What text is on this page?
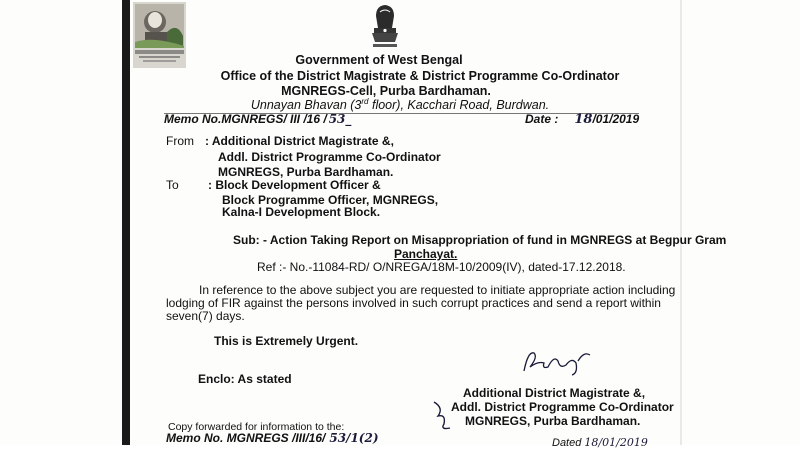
Government of West Bengal
Office of the District Magistrate & District Programme Co-Ordinator
MGNREGS-Cell, Purba Bardhaman.
Unnayan Bhavan (3rd floor), Kacchari Road, Burdwan.
Memo No.MGNREGS/ III /16 / 53_	Date : 18/01/2019
From : Additional District Magistrate &,
Addl. District Programme Co-Ordinator
MGNREGS, Purba Bardhaman.
To : Block Development Officer &
Block Programme Officer, MGNREGS,
Kalna-I Development Block.
Sub: - Action Taking Report on Misappropriation of fund in MGNREGS at Begpur Gram
Panchayat.
Ref :- No.-11084-RD/ O/NREGA/18M-10/2009(IV), dated-17.12.2018.
In reference to the above subject you are requested to initiate appropriate action including
lodging of FIR against the persons involved in such corrupt practices and send a report within
seven(7) days.
This is Extremely Urgent.
Enclo: As stated
Additional District Magistrate &,
Addl. District Programme Co-Ordinator
MGNREGS, Purba Bardhaman.
Copy forwarded for information to the:
Memo No. MGNREGS /III/16/ 53/1(2)	Dated 18/01/2019
